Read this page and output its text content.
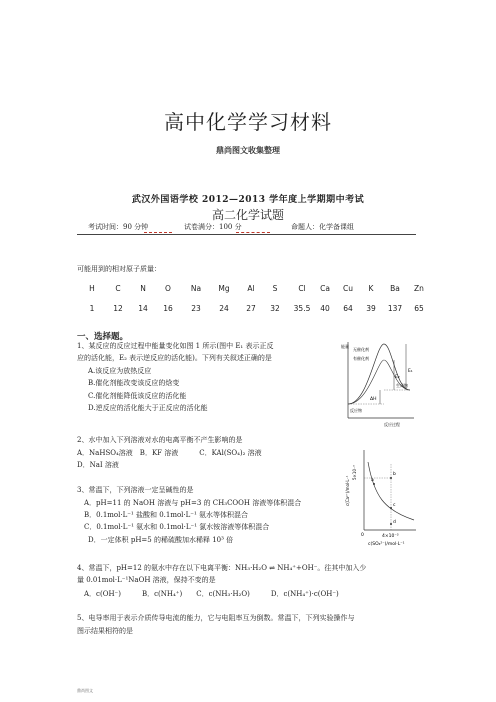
高中化学学习材料
鼎尚图文收集整理
武汉外国语学校 2012—2013 学年度上学期期中考试
高二化学试题
考试时间：90 分钟	试卷满分：100 分	命题人：化学备课组
可能用到的相对原子质量：
H	C	N	O	Na Mg Al S	Cl Ca Cu K Ba Zn
1	12 14 16 23 24 27 32 35.5 40 64 39 137 65
一、选择题。
1、某反应的反应过程中能量变化如图 1 所示(图中 E₁ 表示正反
应的活化能，E₂ 表示逆反应的活化能)。下列有关叙述正确的是
A.该反应为放热反应
B.催化剂能改变该反应的焓变
C.催化剂能降低该反应的活化能
D.逆反应的活化能大于正反应的活化能
能量
无催化剂
有催化剂
E₁
E₂
ΔH
反应物
生成物
反应过程
2、水中加入下列溶液对水的电离平衡不产生影响的是
A．NaHSO₄溶液　B．KF 溶液　　　C．KAl(SO₄)₂ 溶液
D．NaI 溶液
3、常温下，下列溶液一定呈碱性的是
A．pH=11 的 NaOH 溶液与 pH=3 的 CH₃COOH 溶液等体积混合
B．0.1mol·L⁻¹ 盐酸和 0.1mol·L⁻¹ 氨水等体积混合
C．0.1mol·L⁻¹ 氨水和 0.1mol·L⁻¹ 氯水铵溶液等体积混合
D．一定体积 pH=5 的稀硫酸加水稀释 10³ 倍
a
b
c
d
5×10⁻³
c(Ca²⁺)/mol·L⁻¹
0	4×10⁻³
c(SO₄²⁻)/mol·L⁻¹
4、常温下，pH=12 的氨水中存在以下电离平衡：NH₃·H₂O ⇌ NH₄⁺+OH⁻。往其中加入少
量 0.01mol·L⁻¹NaOH 溶液，保持不变的是
A．c(OH⁻)　　　B．c(NH₄⁺)　　C．c(NH₃·H₂O)　　　D．c(NH₄⁺)·c(OH⁻)
5、电导率用于表示介质传导电流的能力，它与电阻率互为倒数。常温下，下列实验操作与
图示结果相符的是
鼎尚图文
